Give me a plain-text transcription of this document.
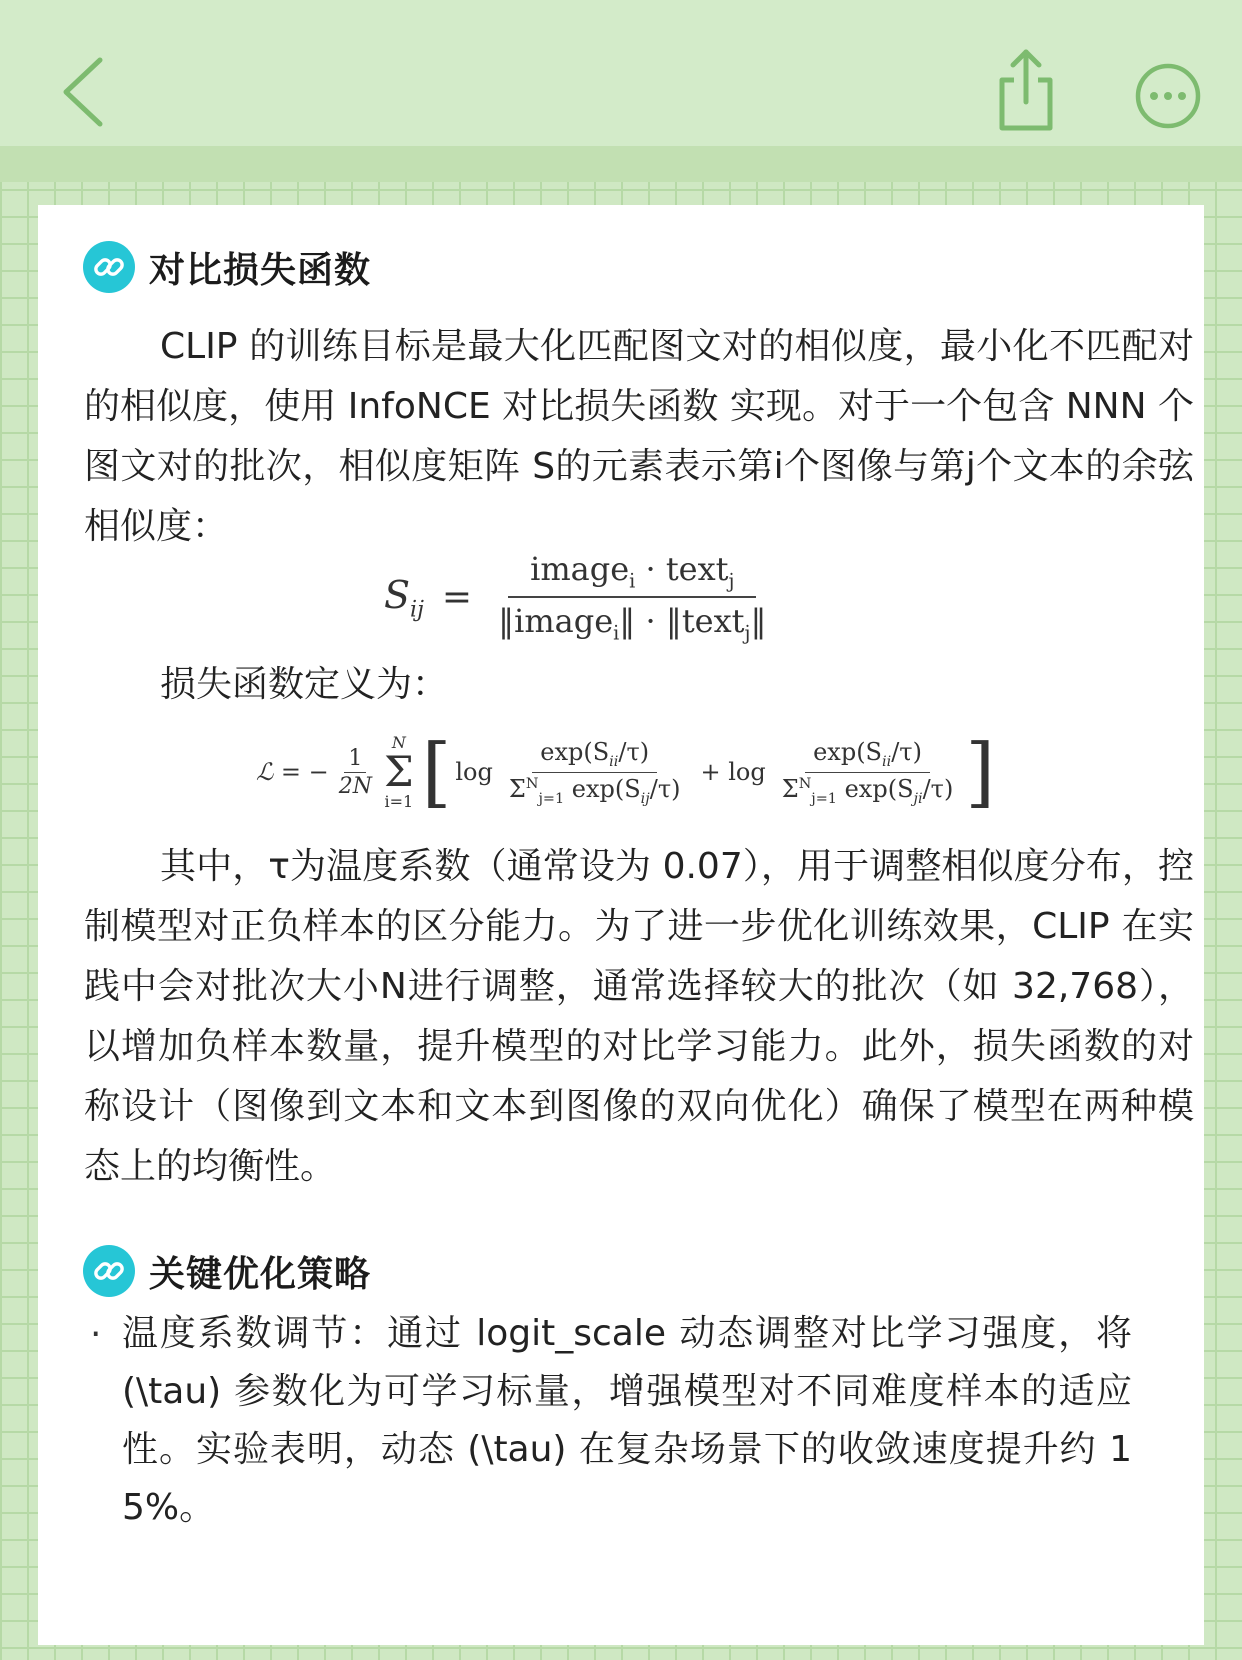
对比损失函数

CLIP 的训练目标是最大化匹配图文对的相似度，最小化不匹配对的相似度，使用 InfoNCE 对比损失函数 实现。对于一个包含 NNN 个图文对的批次，相似度矩阵 S的元素表示第i个图像与第j个文本的余弦相似度：

$S_{ij} = \frac{image_i \cdot text_j}{‖image_i‖ \cdot ‖text_j‖}$

损失函数定义为：

ℒ = − $\frac{1}{2N}$
N
Σ
i=1 [ $\log \frac{\exp(S_{ii}/\tau)}{\Sigma^N_{j=1} \exp(S_{ij}/\tau)} + \log \frac{\exp(S_{ii}/\tau)}{\Sigma^N_{j=1} \exp(S_{ji}/\tau)}$ ]

其中，τ为温度系数（通常设为 0.07），用于调整相似度分布，控制模型对正负样本的区分能力。为了进一步优化训练效果，CLIP 在实践中会对批次大小N进行调整，通常选择较大的批次（如 32,768），以增加负样本数量，提升模型的对比学习能力。此外，损失函数的对称设计（图像到文本和文本到图像的双向优化）确保了模型在两种模态上的均衡性。

关键优化策略
· 温度系数调节：通过 logit_scale 动态调整对比学习强度，将 (\tau) 参数化为可学习标量，增强模型对不同难度样本的适应性。实验表明，动态 (\tau) 在复杂场景下的收敛速度提升约 15%。
